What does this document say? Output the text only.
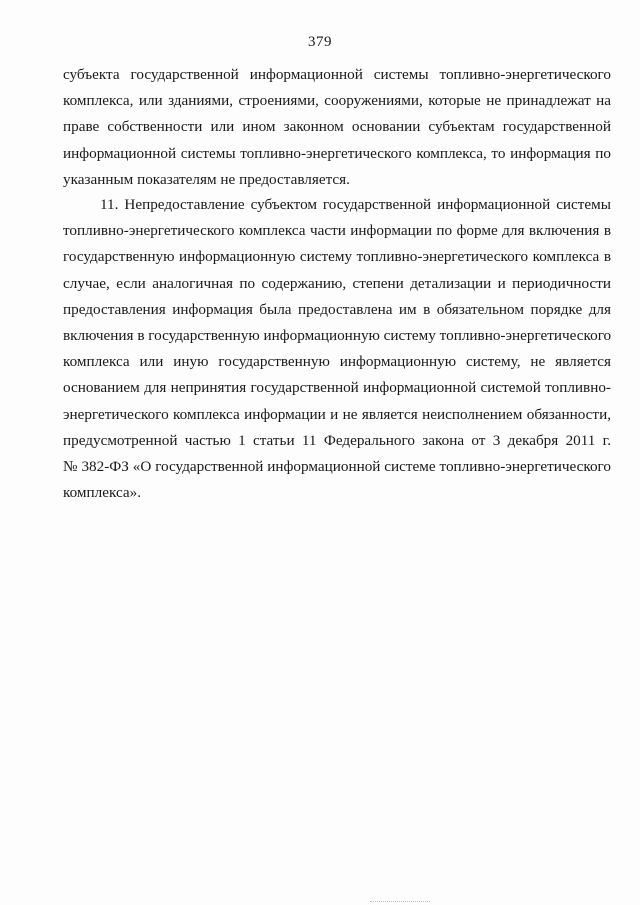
379
субъекта государственной информационной системы топливно-энергетического
комплекса, или зданиями, строениями, сооружениями, которые не принадлежат на
праве собственности или ином законном основании субъектам государственной
информационной системы топливно-энергетического комплекса, то информация по
указанным показателям не предоставляется.
11. Непредоставление субъектом государственной информационной системы
топливно-энергетического комплекса части информации по форме для включения в
государственную информационную систему топливно-энергетического комплекса в
случае, если аналогичная по содержанию, степени детализации и периодичности
предоставления информация была предоставлена им в обязательном порядке для
включения в государственную информационную систему топливно-энергетического
комплекса или иную государственную информационную систему, не является
основанием для непринятия государственной информационной системой топливно-
энергетического комплекса информации и не является неисполнением обязанности,
предусмотренной частью 1 статьи 11 Федерального закона от 3 декабря 2011 г.
№ 382-ФЗ «О государственной информационной системе топливно-энергетического
комплекса».
